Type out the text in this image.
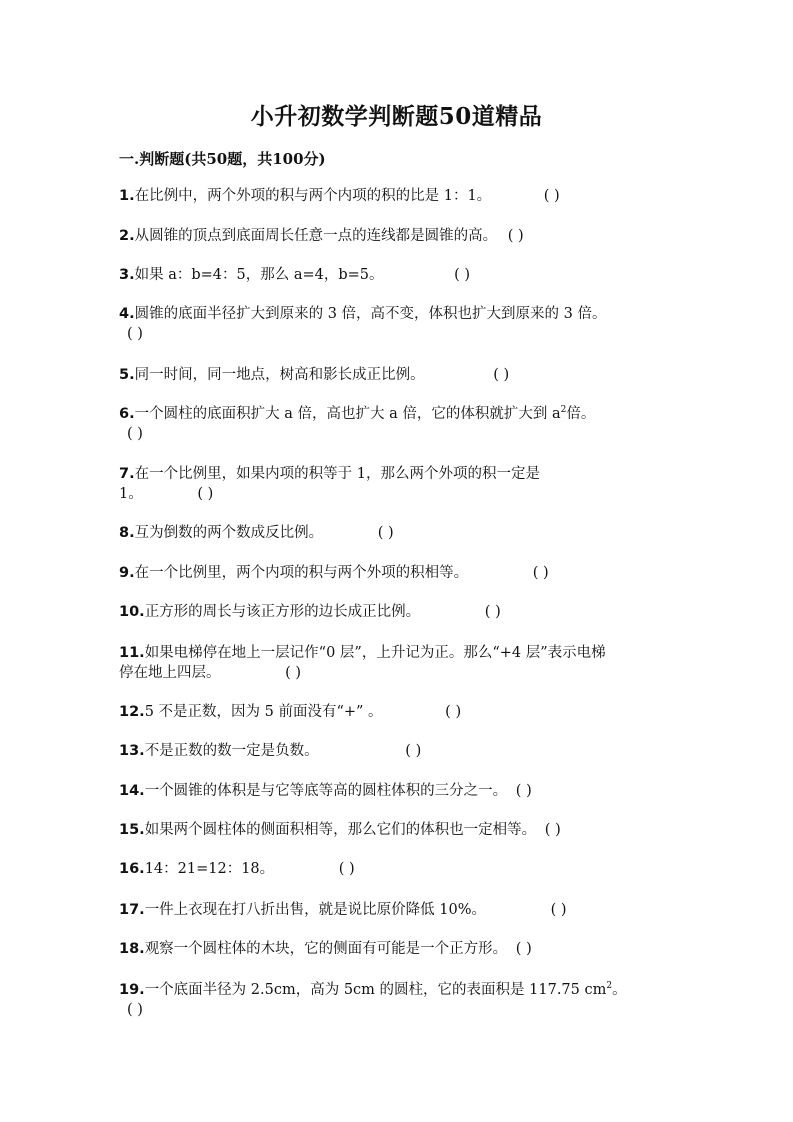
小升初数学判断题50道精品
一.判断题(共50题，共100分)
1.在比例中，两个外项的积与两个内项的积的比是 1：1。	( )
2.从圆锥的顶点到底面周长任意一点的连线都是圆锥的高。 ( )
3.如果 a：b=4：5，那么 a=4，b=5。	( )
4.圆锥的底面半径扩大到原来的 3 倍，高不变，体积也扩大到原来的 3 倍。
( )
5.同一时间，同一地点，树高和影长成正比例。	( )
6.一个圆柱的底面积扩大 a 倍，高也扩大 a 倍，它的体积就扩大到 $a^2$倍。
( )
7.在一个比例里，如果内项的积等于 1，那么两个外项的积一定是
1。	( )
8.互为倒数的两个数成反比例。	( )
9.在一个比例里，两个内项的积与两个外项的积相等。	( )
10.正方形的周长与该正方形的边长成正比例。	( )
11.如果电梯停在地上一层记作“0 层”，上升记为正。那么“+4 层”表示电梯
停在地上四层。	( )
12.5 不是正数，因为 5 前面没有“+” 。	( )
13.不是正数的数一定是负数。	( )
14.一个圆锥的体积是与它等底等高的圆柱体积的三分之一。 ( )
15.如果两个圆柱体的侧面积相等，那么它们的体积也一定相等。 ( )
16.14：21=12：18。	( )
17.一件上衣现在打八折出售，就是说比原价降低 10%。	( )
18.观察一个圆柱体的木块，它的侧面有可能是一个正方形。 ( )
19.一个底面半径为 2.5cm，高为 5cm 的圆柱，它的表面积是 117.75 $cm^2$。
( )
